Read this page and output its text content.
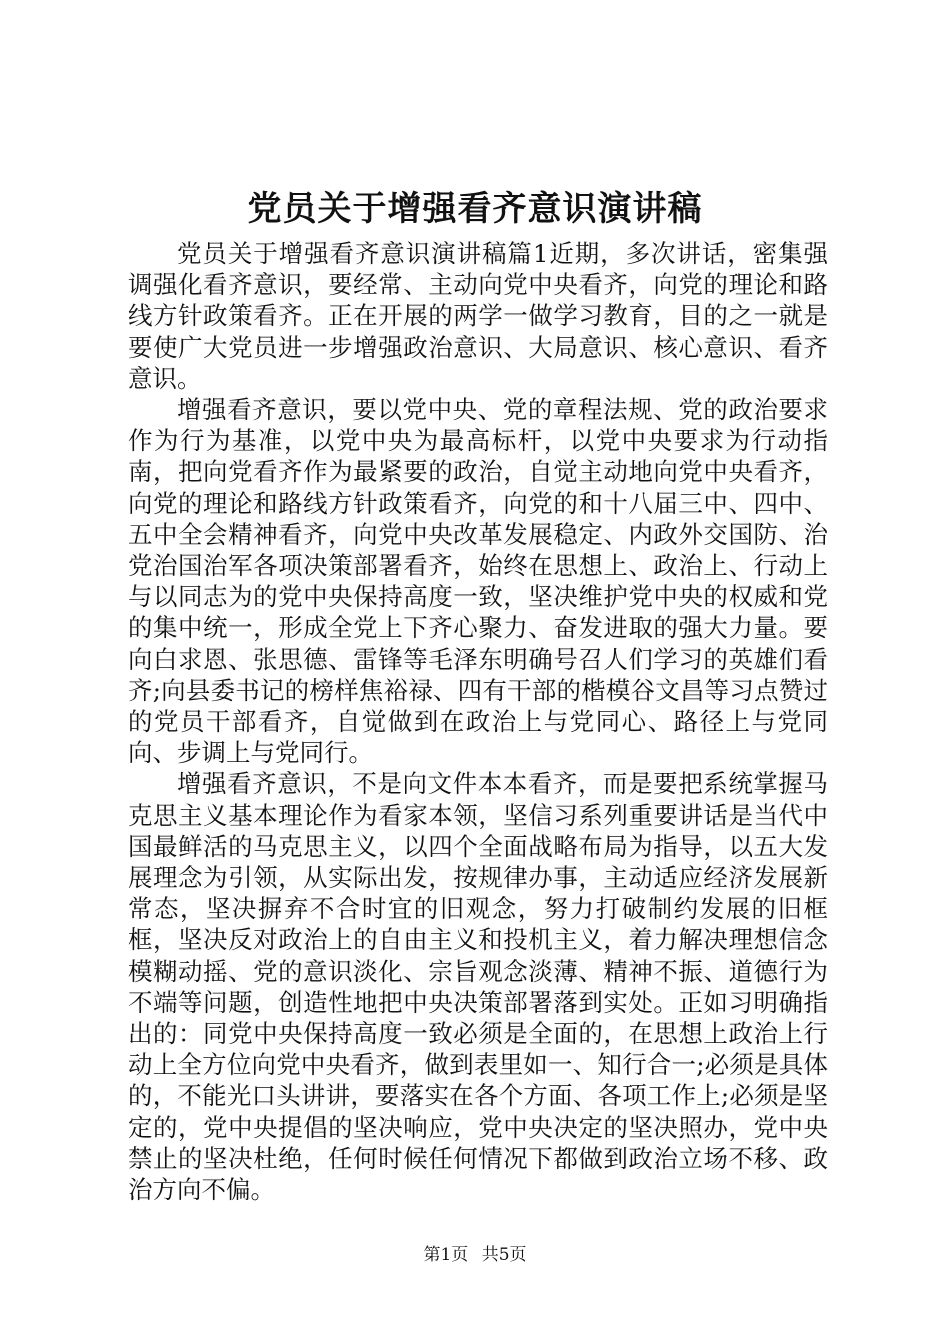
党员关于增强看齐意识演讲稿

党员关于增强看齐意识演讲稿篇1近期，多次讲话，密集强调强化看齐意识，要经常、主动向党中央看齐，向党的理论和路线方针政策看齐。正在开展的两学一做学习教育，目的之一就是要使广大党员进一步增强政治意识、大局意识、核心意识、看齐意识。

增强看齐意识，要以党中央、党的章程法规、党的政治要求作为行为基准，以党中央为最高标杆，以党中央要求为行动指南，把向党看齐作为最紧要的政治，自觉主动地向党中央看齐，向党的理论和路线方针政策看齐，向党的和十八届三中、四中、五中全会精神看齐，向党中央改革发展稳定、内政外交国防、治党治国治军各项决策部署看齐，始终在思想上、政治上、行动上与以同志为的党中央保持高度一致，坚决维护党中央的权威和党的集中统一，形成全党上下齐心聚力、奋发进取的强大力量。要向白求恩、张思德、雷锋等毛泽东明确号召人们学习的英雄们看齐;向县委书记的榜样焦裕禄、四有干部的楷模谷文昌等习点赞过的党员干部看齐，自觉做到在政治上与党同心、路径上与党同向、步调上与党同行。

增强看齐意识，不是向文件本本看齐，而是要把系统掌握马克思主义基本理论作为看家本领，坚信习系列重要讲话是当代中国最鲜活的马克思主义，以四个全面战略布局为指导，以五大发展理念为引领，从实际出发，按规律办事，主动适应经济发展新常态，坚决摒弃不合时宜的旧观念，努力打破制约发展的旧框框，坚决反对政治上的自由主义和投机主义，着力解决理想信念模糊动摇、党的意识淡化、宗旨观念淡薄、精神不振、道德行为不端等问题，创造性地把中央决策部署落到实处。正如习明确指出的：同党中央保持高度一致必须是全面的，在思想上政治上行动上全方位向党中央看齐，做到表里如一、知行合一;必须是具体的，不能光口头讲讲，要落实在各个方面、各项工作上;必须是坚定的，党中央提倡的坚决响应，党中央决定的坚决照办，党中央禁止的坚决杜绝，任何时候任何情况下都做到政治立场不移、政治方向不偏。

第1页 共5页
